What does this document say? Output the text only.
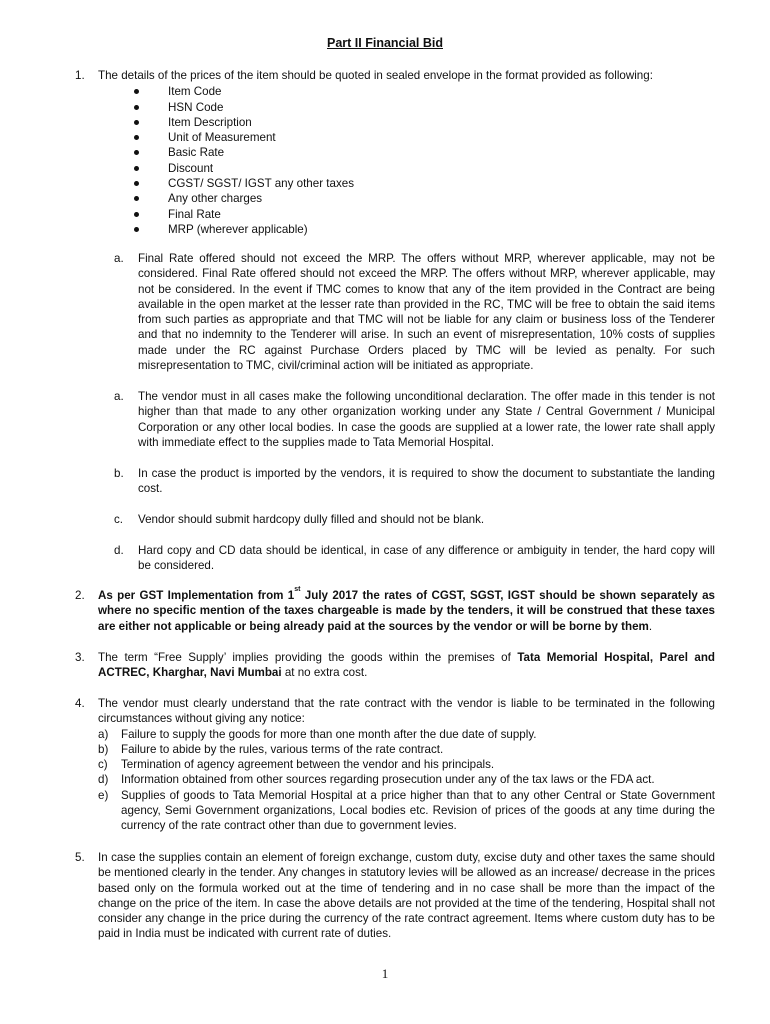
Part II Financial Bid
1. The details of the prices of the item should be quoted in sealed envelope in the format provided as following:
Item Code
HSN Code
Item Description
Unit of Measurement
Basic Rate
Discount
CGST/ SGST/ IGST any other taxes
Any other charges
Final Rate
MRP (wherever applicable)
a. Final Rate offered should not exceed the MRP. The offers without MRP, wherever applicable, may not be considered. Final Rate offered should not exceed the MRP. The offers without MRP, wherever applicable, may not be considered. In the event if TMC comes to know that any of the item provided in the Contract are being available in the open market at the lesser rate than provided in the RC, TMC will be free to obtain the said items from such parties as appropriate and that TMC will not be liable for any claim or business loss of the Tenderer and that no indemnity to the Tenderer will arise. In such an event of misrepresentation, 10% costs of supplies made under the RC against Purchase Orders placed by TMC will be levied as penalty. For such misrepresentation to TMC, civil/criminal action will be initiated as appropriate.
a. The vendor must in all cases make the following unconditional declaration. The offer made in this tender is not higher than that made to any other organization working under any State / Central Government / Municipal Corporation or any other local bodies. In case the goods are supplied at a lower rate, the lower rate shall apply with immediate effect to the supplies made to Tata Memorial Hospital.
b. In case the product is imported by the vendors, it is required to show the document to substantiate the landing cost.
c. Vendor should submit hardcopy dully filled and should not be blank.
d. Hard copy and CD data should be identical, in case of any difference or ambiguity in tender, the hard copy will be considered.
2. As per GST Implementation from 1st July 2017 the rates of CGST, SGST, IGST should be shown separately as where no specific mention of the taxes chargeable is made by the tenders, it will be construed that these taxes are either not applicable or being already paid at the sources by the vendor or will be borne by them.
3. The term “Free Supply’ implies providing the goods within the premises of Tata Memorial Hospital, Parel and ACTREC, Kharghar, Navi Mumbai at no extra cost.
4. The vendor must clearly understand that the rate contract with the vendor is liable to be terminated in the following circumstances without giving any notice:
a) Failure to supply the goods for more than one month after the due date of supply.
b) Failure to abide by the rules, various terms of the rate contract.
c) Termination of agency agreement between the vendor and his principals.
d) Information obtained from other sources regarding prosecution under any of the tax laws or the FDA act.
e) Supplies of goods to Tata Memorial Hospital at a price higher than that to any other Central or State Government agency, Semi Government organizations, Local bodies etc. Revision of prices of the goods at any time during the currency of the rate contract other than due to government levies.
5. In case the supplies contain an element of foreign exchange, custom duty, excise duty and other taxes the same should be mentioned clearly in the tender. Any changes in statutory levies will be allowed as an increase/ decrease in the prices based only on the formula worked out at the time of tendering and in no case shall be more than the impact of the change on the price of the item. In case the above details are not provided at the time of the tendering, Hospital shall not consider any change in the price during the currency of the rate contract agreement. Items where custom duty has to be paid in India must be indicated with current rate of duties.
1
